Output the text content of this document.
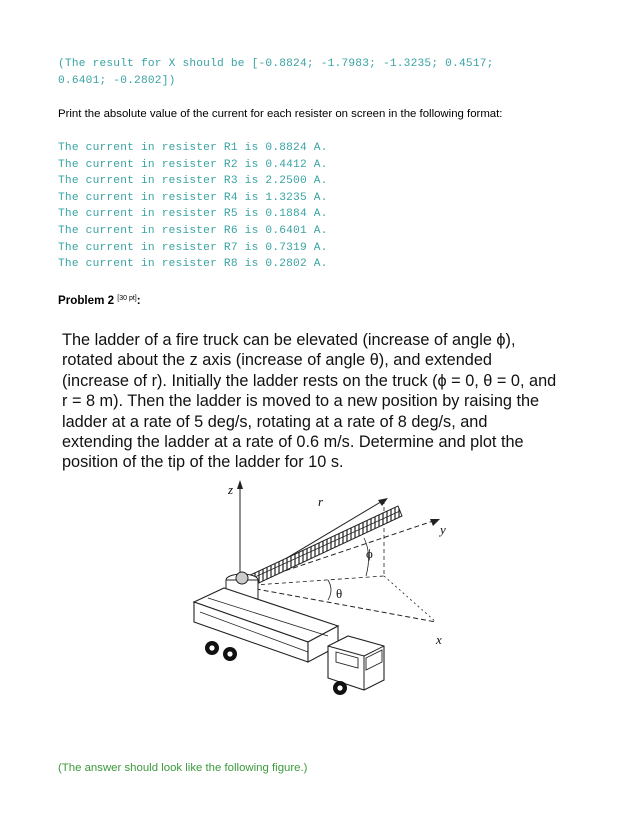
(The result for X should be [-0.8824; -1.7983; -1.3235; 0.4517;
0.6401; -0.2802])
Print the absolute value of the current for each resister on screen in the following format:
The current in resister R1 is 0.8824 A.
The current in resister R2 is 0.4412 A.
The current in resister R3 is 2.2500 A.
The current in resister R4 is 1.3235 A.
The current in resister R5 is 0.1884 A.
The current in resister R6 is 0.6401 A.
The current in resister R7 is 0.7319 A.
The current in resister R8 is 0.2802 A.
Problem 2 [30 pt]:
The ladder of a fire truck can be elevated (increase of angle ϕ),
rotated about the z axis (increase of angle θ), and extended
(increase of r). Initially the ladder rests on the truck (ϕ = 0, θ = 0, and
r = 8 m). Then the ladder is moved to a new position by raising the
ladder at a rate of 5 deg/s, rotating at a rate of 8 deg/s, and
extending the ladder at a rate of 0.6 m/s. Determine and plot the
position of the tip of the ladder for 10 s.
z
r
y
x
ϕ
θ
(The answer should look like the following figure.)
